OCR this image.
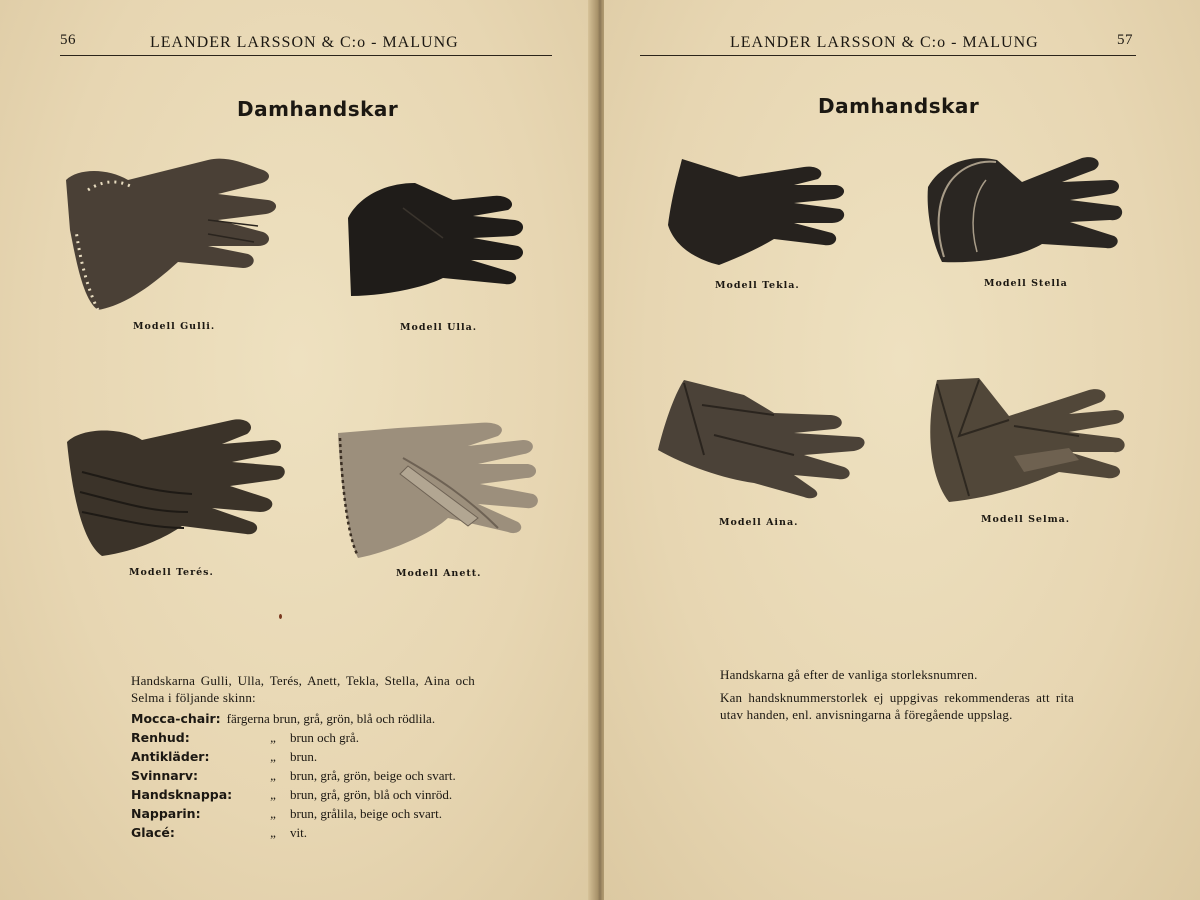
56	LEANDER LARSSON & C:o - MALUNG
Damhandskar
Modell Gulli.	Modell Ulla.
Modell Terés.	Modell Anett.
Handskarna Gulli, Ulla, Terés, Anett, Tekla, Stella, Aina och Selma i följande skinn:
Mocca-chair: färgerna brun, grå, grön, blå och rödlila.
Renhud:	„	brun och grå.
Antikläder:	„	brun.
Svinnarv:	„	brun, grå, grön, beige och svart.
Handsknappa:	„	brun, grå, grön, blå och vinröd.
Napparin:	„	brun, grålila, beige och svart.
Glacé:	„	vit.
LEANDER LARSSON & C:o - MALUNG	57
Damhandskar
Modell Tekla.	Modell Stella
Modell Aina.	Modell Selma.
Handskarna gå efter de vanliga storleksnumren.
Kan handsknummerstorlek ej uppgivas rekommenderas att rita utav handen, enl. anvisningarna å föregående uppslag.
